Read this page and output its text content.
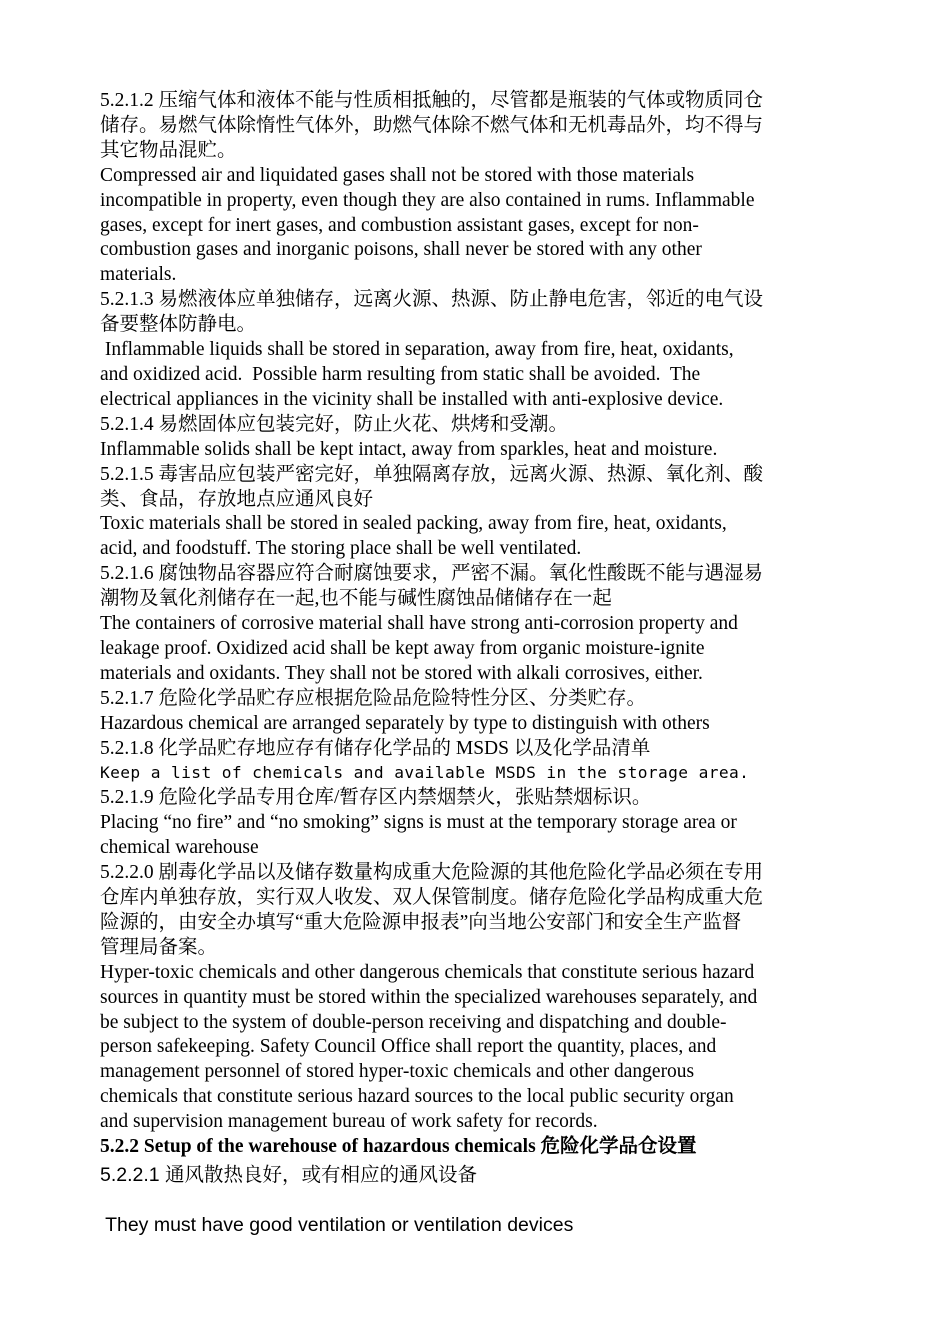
5.2.1.2 压缩气体和液体不能与性质相抵触的，尽管都是瓶装的气体或物质同仓

储存。易燃气体除惰性气体外，助燃气体除不燃气体和无机毒品外，均不得与

其它物品混贮。

Compressed air and liquidated gases shall not be stored with those materials

incompatible in property, even though they are also contained in rums. Inflammable

gases, except for inert gases, and combustion assistant gases, except for non-

combustion gases and inorganic poisons, shall never be stored with any other

materials.

5.2.1.3 易燃液体应单独储存，远离火源、热源、防止静电危害，邻近的电气设

备要整体防静电。

Inflammable liquids shall be stored in separation, away from fire, heat, oxidants,

and oxidized acid.  Possible harm resulting from static shall be avoided.  The

electrical appliances in the vicinity shall be installed with anti-explosive device.

5.2.1.4 易燃固体应包装完好，防止火花、烘烤和受潮。

Inflammable solids shall be kept intact, away from sparkles, heat and moisture.

5.2.1.5 毒害品应包装严密完好，单独隔离存放，远离火源、热源、氧化剂、酸

类、食品，存放地点应通风良好

Toxic materials shall be stored in sealed packing, away from fire, heat, oxidants,

acid, and foodstuff. The storing place shall be well ventilated.

5.2.1.6 腐蚀物品容器应符合耐腐蚀要求，严密不漏。氧化性酸既不能与遇湿易

潮物及氧化剂储存在一起,也不能与碱性腐蚀品储储存在一起

The containers of corrosive material shall have strong anti-corrosion property and

leakage proof. Oxidized acid shall be kept away from organic moisture-ignite

materials and oxidants. They shall not be stored with alkali corrosives, either.

5.2.1.7 危险化学品贮存应根据危险品危险特性分区、分类贮存。

Hazardous chemical are arranged separately by type to distinguish with others

5.2.1.8 化学品贮存地应存有储存化学品的 MSDS 以及化学品清单

Keep a list of chemicals and available MSDS in the storage area.

5.2.1.9 危险化学品专用仓库/暂存区内禁烟禁火，张贴禁烟标识。

Placing “no fire” and “no smoking” signs is must at the temporary storage area or

chemical warehouse

5.2.2.0 剧毒化学品以及储存数量构成重大危险源的其他危险化学品必须在专用

仓库内单独存放，实行双人收发、双人保管制度。储存危险化学品构成重大危

险源的，由安全办填写“重大危险源申报表”向当地公安部门和安全生产监督

管理局备案。

Hyper-toxic chemicals and other dangerous chemicals that constitute serious hazard

sources in quantity must be stored within the specialized warehouses separately, and

be subject to the system of double-person receiving and dispatching and double-

person safekeeping. Safety Council Office shall report the quantity, places, and

management personnel of stored hyper-toxic chemicals and other dangerous

chemicals that constitute serious hazard sources to the local public security organ

and supervision management bureau of work safety for records.

5.2.2 Setup of the warehouse of hazardous chemicals 危险化学品仓设置

5.2.2.1 通风散热良好，或有相应的通风设备

They must have good ventilation or ventilation devices
